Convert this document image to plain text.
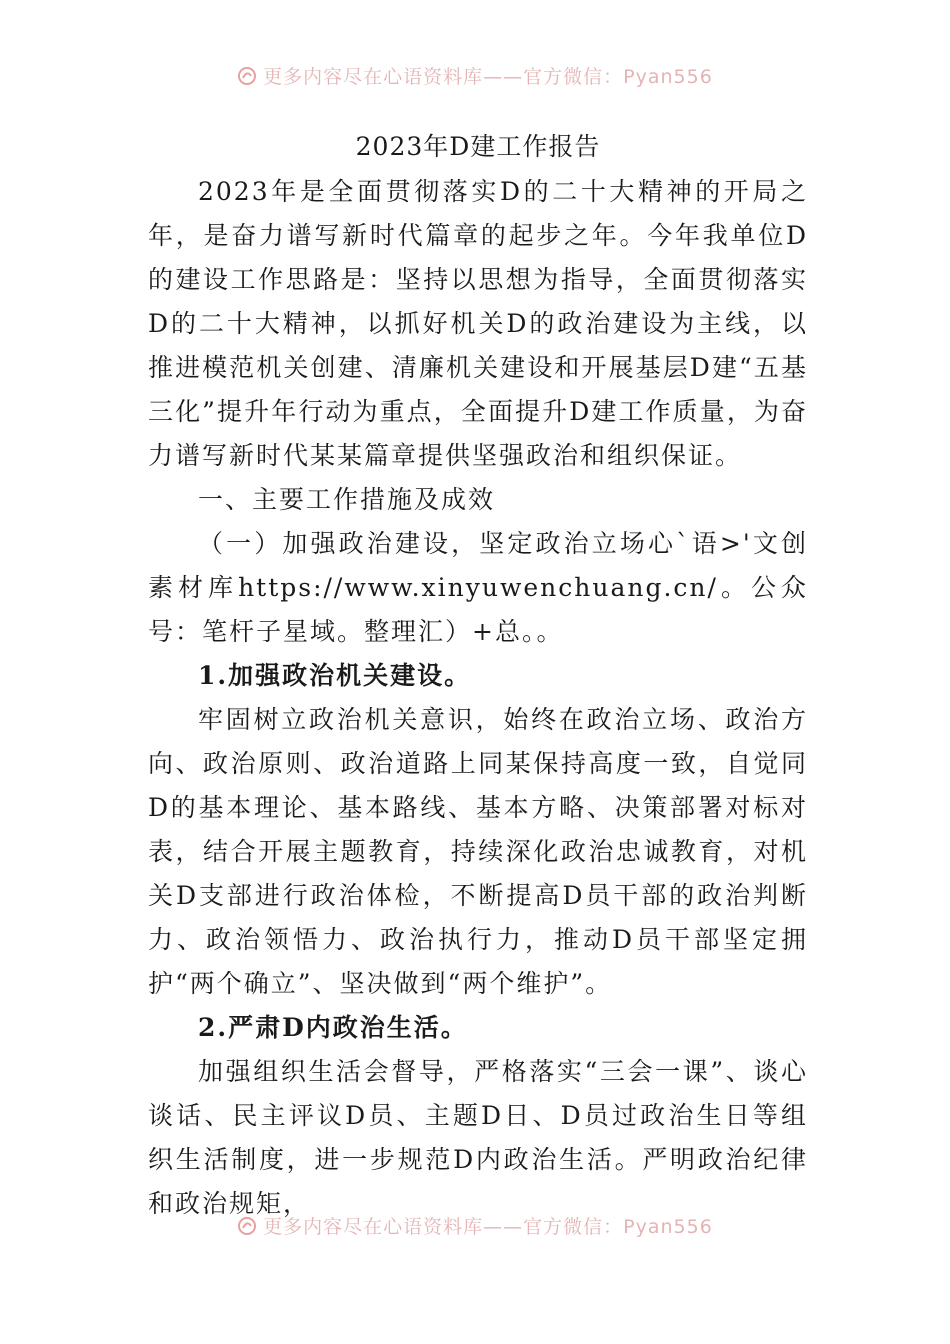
更多内容尽在心语资料库——官方微信：Pyan556
2023年D建工作报告

2023年是全面贯彻落实D的二十大精神的开局之年，是奋力谱写新时代篇章的起步之年。今年我单位D的建设工作思路是：坚持以思想为指导，全面贯彻落实D的二十大精神，以抓好机关D的政治建设为主线，以推进模范机关创建、清廉机关建设和开展基层D建“五基三化”提升年行动为重点，全面提升D建工作质量，为奋力谱写新时代某某篇章提供坚强政治和组织保证。

一、主要工作措施及成效

（一）加强政治建设，坚定政治立场心`语>'文创素材库https://www.xinyuwenchuang.cn/。公众号：笔杆子星域。整理汇）+总。。

1.加强政治机关建设。

牢固树立政治机关意识，始终在政治立场、政治方向、政治原则、政治道路上同某保持高度一致，自觉同D的基本理论、基本路线、基本方略、决策部署对标对表，结合开展主题教育，持续深化政治忠诚教育，对机关D支部进行政治体检，不断提高D员干部的政治判断力、政治领悟力、政治执行力，推动D员干部坚定拥护“两个确立”、坚决做到“两个维护”。

2.严肃D内政治生活。

加强组织生活会督导，严格落实“三会一课”、谈心谈话、民主评议D员、主题D日、D员过政治生日等组织生活制度，进一步规范D内政治生活。严明政治纪律和政治规矩，

更多内容尽在心语资料库——官方微信：Pyan556
